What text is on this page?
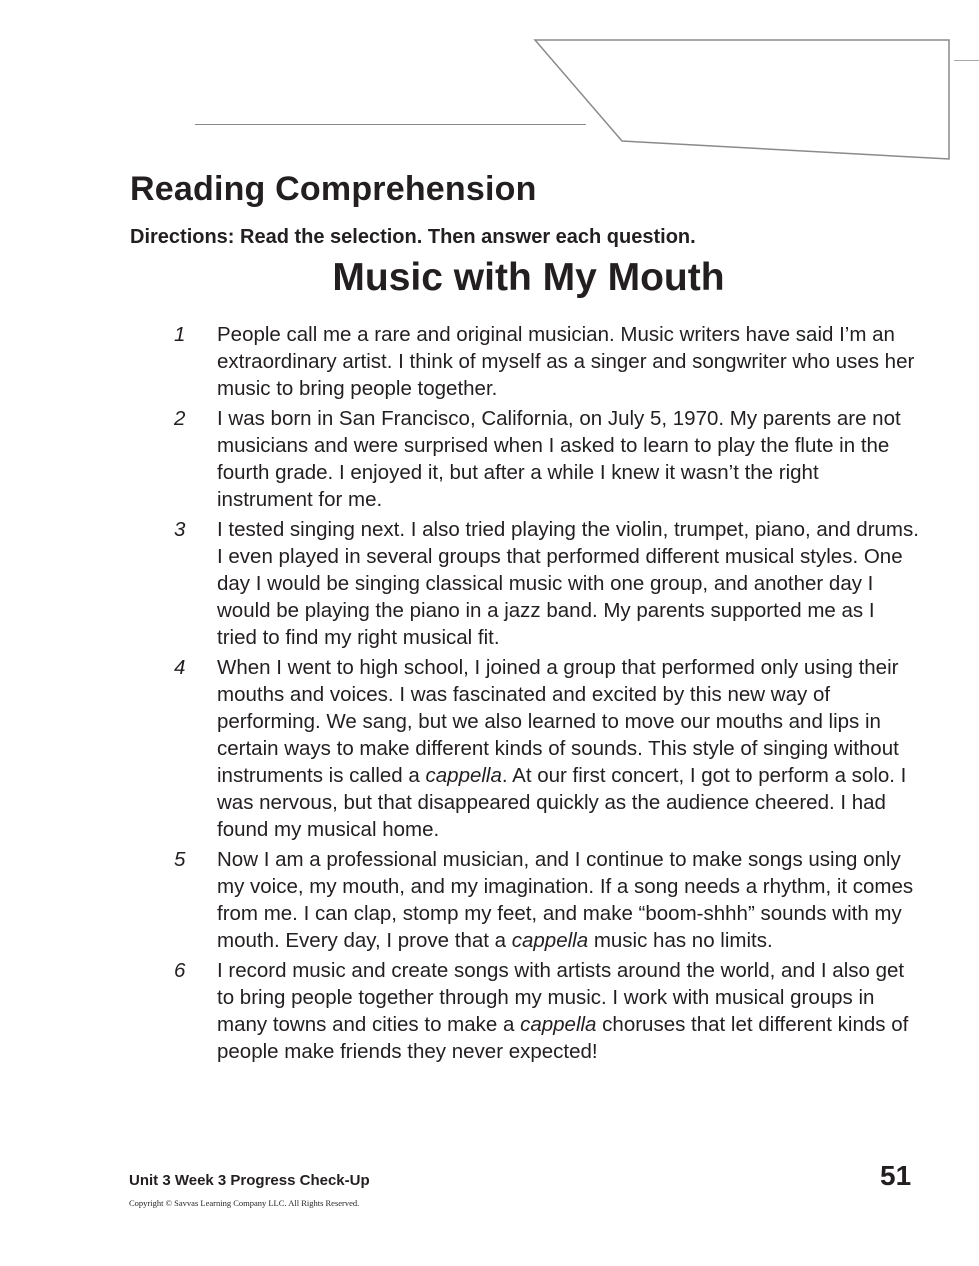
Reading Comprehension

Directions: Read the selection. Then answer each question.

Music with My Mouth
1 People call me a rare and original musician. Music writers have said I’m an extraordinary artist. I think of myself as a singer and songwriter who uses her music to bring people together.
2 I was born in San Francisco, California, on July 5, 1970. My parents are not musicians and were surprised when I asked to learn to play the flute in the fourth grade. I enjoyed it, but after a while I knew it wasn’t the right instrument for me.
3 I tested singing next. I also tried playing the violin, trumpet, piano, and drums. I even played in several groups that performed different musical styles. One day I would be singing classical music with one group, and another day I would be playing the piano in a jazz band. My parents supported me as I tried to find my right musical fit.
4 When I went to high school, I joined a group that performed only using their mouths and voices. I was fascinated and excited by this new way of performing. We sang, but we also learned to move our mouths and lips in certain ways to make different kinds of sounds. This style of singing without instruments is called a cappella. At our first concert, I got to perform a solo. I was nervous, but that disappeared quickly as the audience cheered. I had found my musical home.
5 Now I am a professional musician, and I continue to make songs using only my voice, my mouth, and my imagination. If a song needs a rhythm, it comes from me. I can clap, stomp my feet, and make “boom-shhh” sounds with my mouth. Every day, I prove that a cappella music has no limits.
6 I record music and create songs with artists around the world, and I also get to bring people together through my music. I work with musical groups in many towns and cities to make a cappella choruses that let different kinds of people make friends they never expected!
Unit 3 Week 3 Progress Check-Up
Copyright © Savvas Learning Company LLC. All Rights Reserved.
51
